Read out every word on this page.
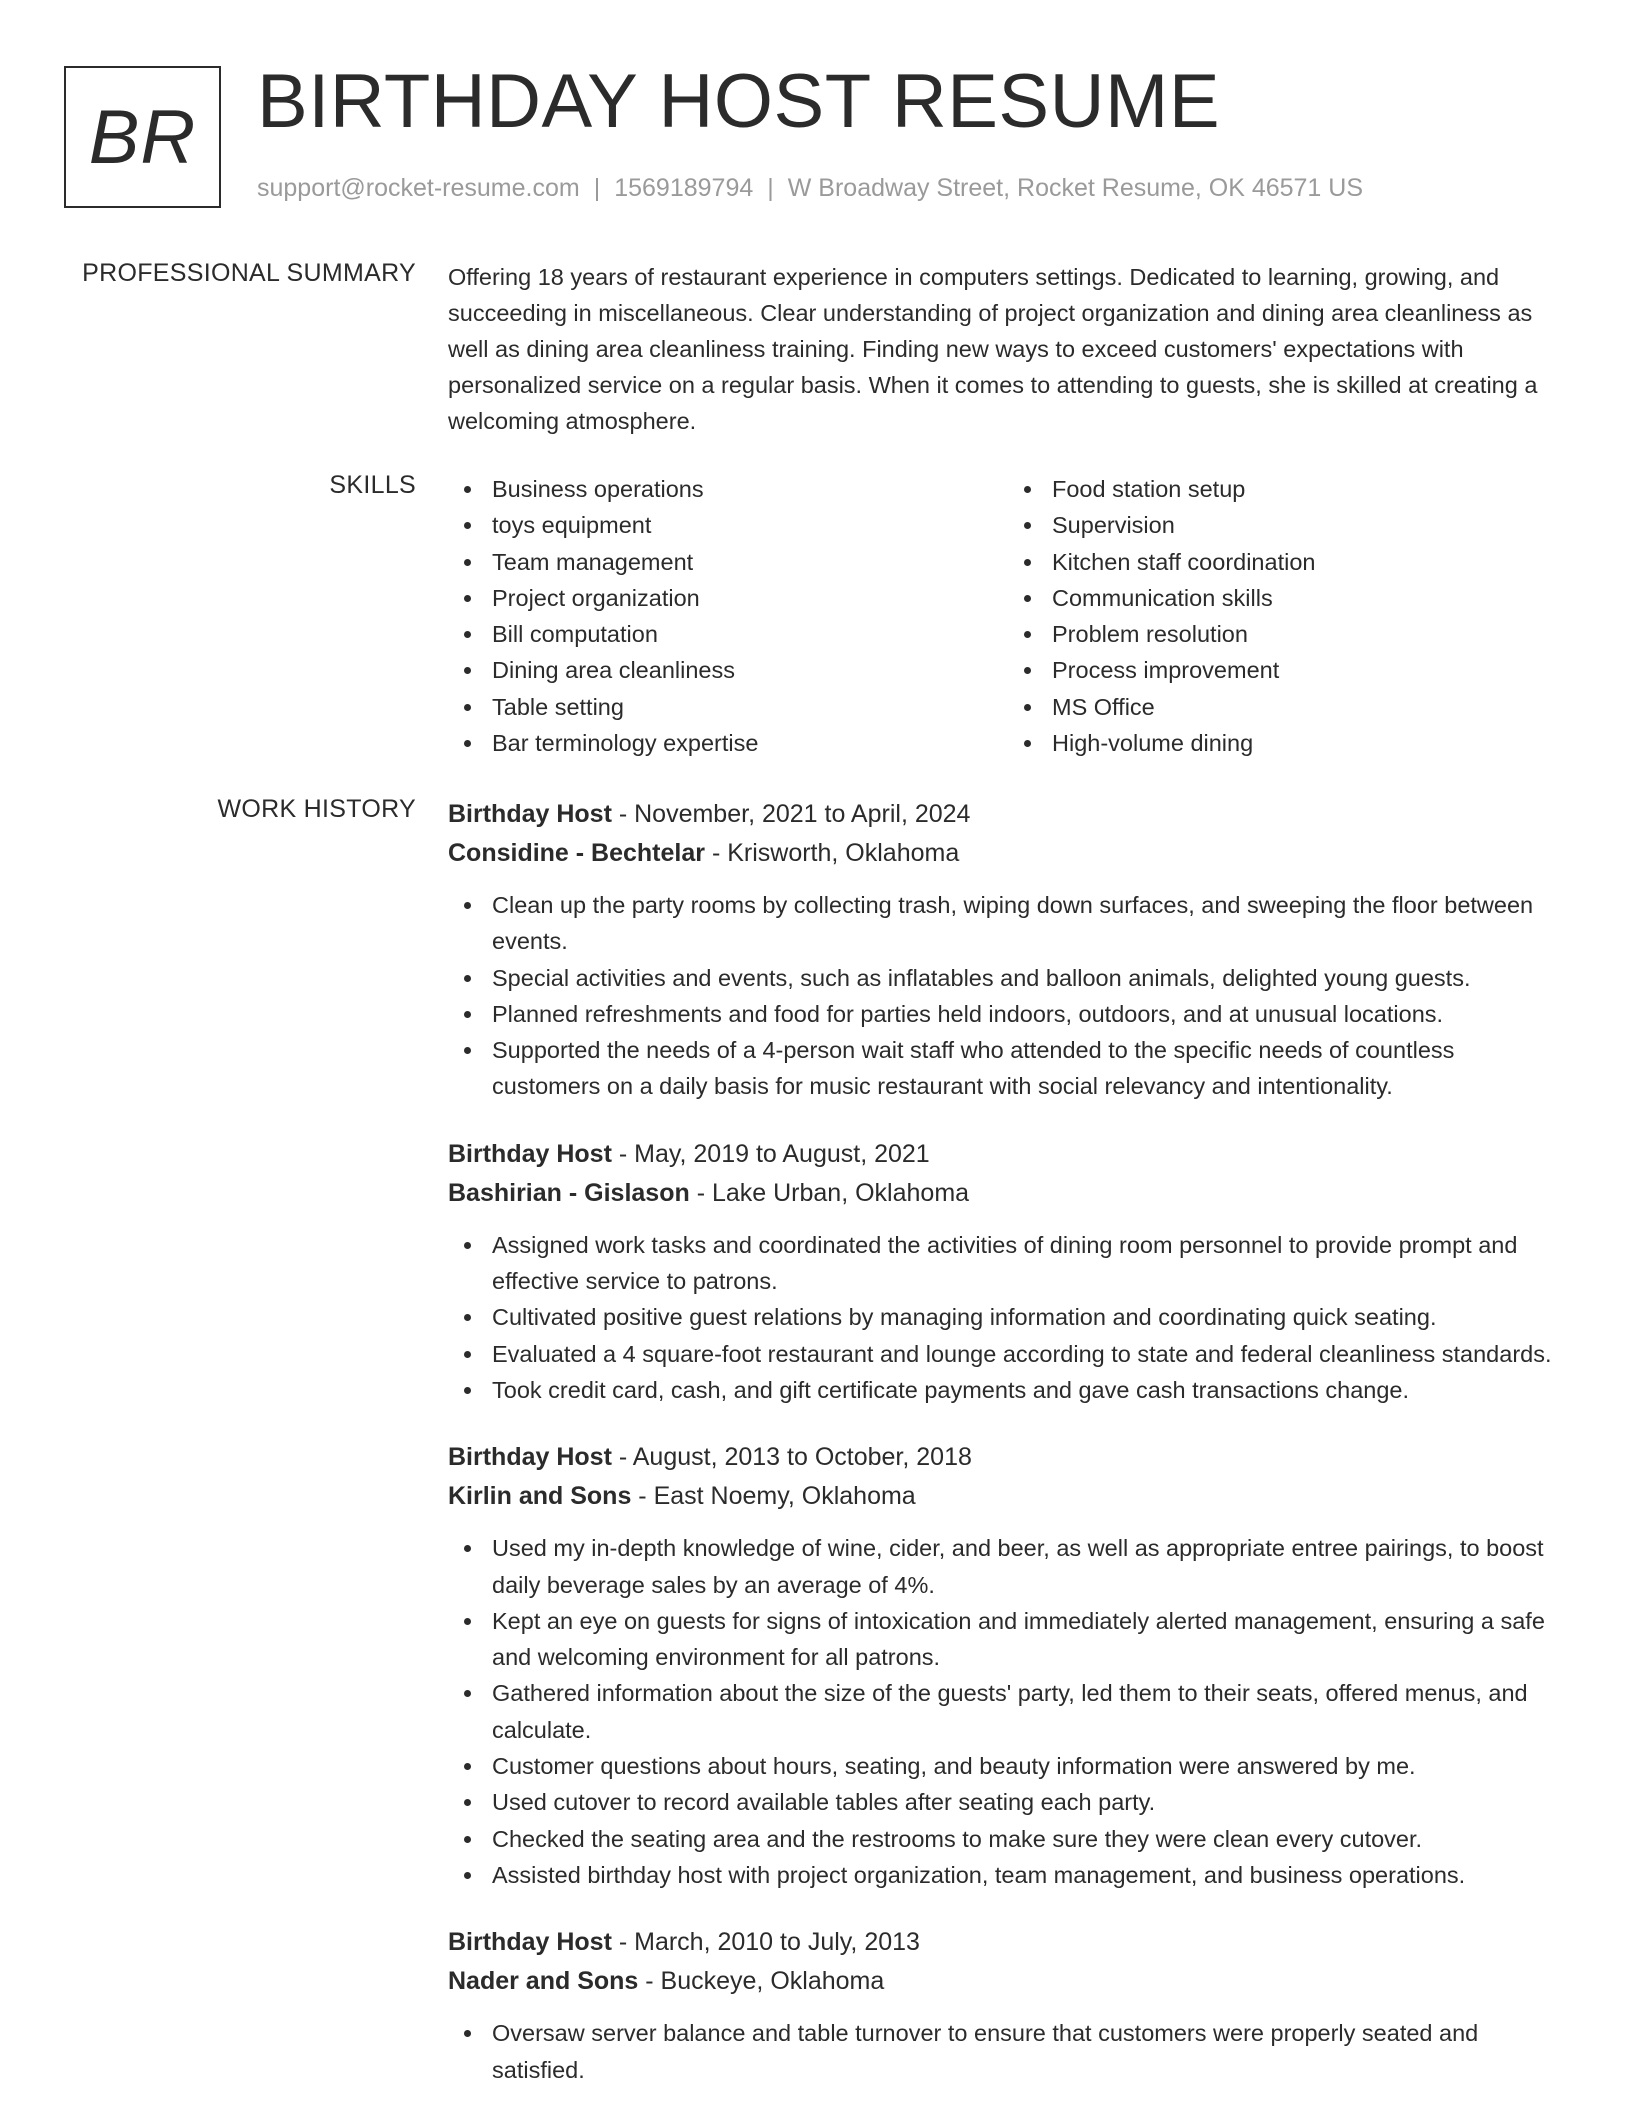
BR BIRTHDAY HOST RESUME
support@rocket-resume.com | 1569189794 | W Broadway Street, Rocket Resume, OK 46571 US
PROFESSIONAL SUMMARY Offering 18 years of restaurant experience in computers settings. Dedicated to learning, growing, and succeeding in miscellaneous. Clear understanding of project organization and dining area cleanliness as well as dining area cleanliness training. Finding new ways to exceed customers' expectations with personalized service on a regular basis. When it comes to attending to guests, she is skilled at creating a welcoming atmosphere.

SKILLS	Business operations
toys equipment
Team management
Project organization
Bill computation
Dining area cleanliness
Table setting
Bar terminology expertise
Food station setup
Supervision
Kitchen staff coordination
Communication skills
Problem resolution
Process improvement
MS Office
High-volume dining
WORK HISTORY Birthday Host - November, 2021 to April, 2024
Considine - Bechtelar - Krisworth, Oklahoma
Clean up the party rooms by collecting trash, wiping down surfaces, and sweeping the floor between events.
Special activities and events, such as inflatables and balloon animals, delighted young guests.
Planned refreshments and food for parties held indoors, outdoors, and at unusual locations.
Supported the needs of a 4-person wait staff who attended to the specific needs of countless customers on a daily basis for music restaurant with social relevancy and intentionality.
Birthday Host - May, 2019 to August, 2021
Bashirian - Gislason - Lake Urban, Oklahoma
Assigned work tasks and coordinated the activities of dining room personnel to provide prompt and effective service to patrons.
Cultivated positive guest relations by managing information and coordinating quick seating.
Evaluated a 4 square-foot restaurant and lounge according to state and federal cleanliness standards.
Took credit card, cash, and gift certificate payments and gave cash transactions change.
Birthday Host - August, 2013 to October, 2018
Kirlin and Sons - East Noemy, Oklahoma
Used my in-depth knowledge of wine, cider, and beer, as well as appropriate entree pairings, to boost daily beverage sales by an average of 4%.
Kept an eye on guests for signs of intoxication and immediately alerted management, ensuring a safe and welcoming environment for all patrons.
Gathered information about the size of the guests' party, led them to their seats, offered menus, and calculate.
Customer questions about hours, seating, and beauty information were answered by me.
Used cutover to record available tables after seating each party.
Checked the seating area and the restrooms to make sure they were clean every cutover.
Assisted birthday host with project organization, team management, and business operations.
Birthday Host - March, 2010 to July, 2013
Nader and Sons - Buckeye, Oklahoma
Oversaw server balance and table turnover to ensure that customers were properly seated and satisfied.
